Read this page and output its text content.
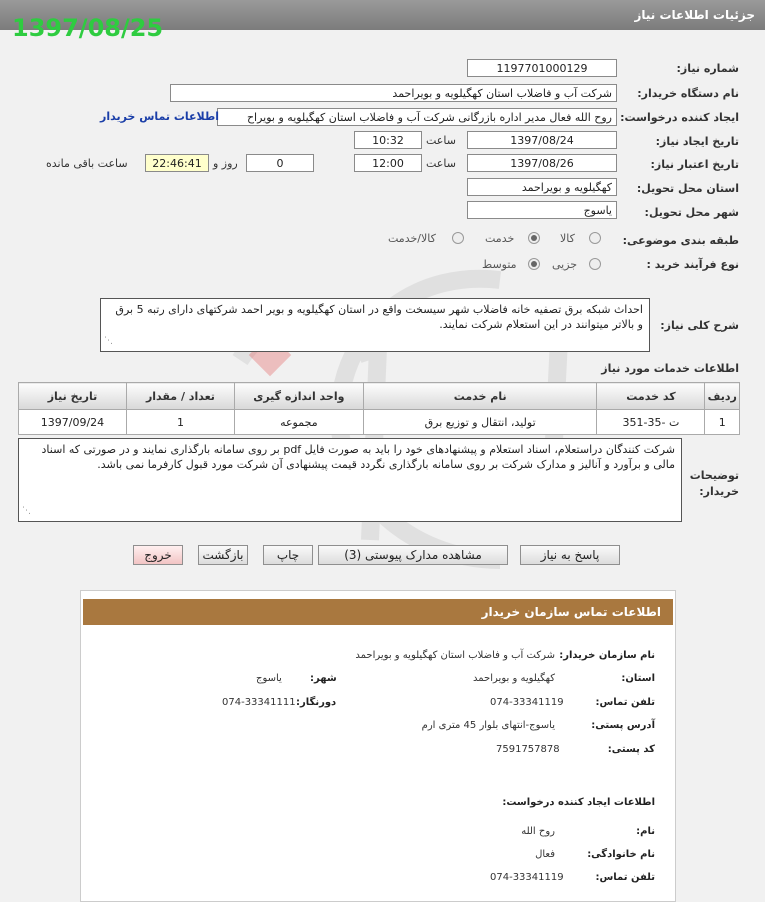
جزئیات اطلاعات نیاز
1397/08/25
شماره نیاز:
1197701000129
نام دستگاه خریدار:
شرکت آب و فاضلاب استان کهگیلویه و بویراحمد
ایجاد کننده درخواست:
روح الله فعال مدیر اداره بازرگانی شرکت آب و فاضلاب استان کهگیلویه و بویراح
اطلاعات تماس خریدار
تاریخ ایجاد نیاز:
1397/08/24
ساعت
10:32
تاریخ اعتبار نیاز:
1397/08/26
ساعت
12:00
0
روز و
22:46:41
ساعت باقی مانده
استان محل تحویل:
کهگیلویه و بویراحمد
شهر محل تحویل:
یاسوج
طبقه بندی موضوعی:
کالا
خدمت
کالا/خدمت
نوع فرآیند خرید :
جزیی
متوسط
شرح کلی نیاز:
احداث شبکه برق تصفیه خانه فاضلاب شهر سیسخت واقع در استان کهگیلویه و بویر احمد شرکتهای دارای رتبه 5 برق و بالاتر میتوانند در این استعلام شرکت نمایند.
⋰
اطلاعات خدمات مورد نیاز
ردیف	کد خدمت	نام خدمت	واحد اندازه گیری	تعداد / مقدار	تاریخ نیاز
1	ت -35-351	تولید، انتقال و توزیع برق	مجموعه	1	1397/09/24
توضیحات خریدار:
شرکت کنندگان دراستعلام، اسناد استعلام و پیشنهادهای خود را باید به صورت فایل pdf بر روی سامانه بارگذاری نمایند و در صورتی که اسناد مالی و برآورد و آنالیز و مدارک شرکت بر روی سامانه بارگذاری نگردد قیمت پیشنهادی آن شرکت مورد قبول کارفرما نمی باشد.
⋰
پاسخ به نیاز
مشاهده مدارک پیوستی (3)
چاپ
بازگشت
خروج
اطلاعات تماس سازمان خریدار
نام سازمان خریدار:
شرکت آب و فاضلاب استان کهگیلویه و بویراحمد
استان:
کهگیلویه و بویراحمد
شهر:
یاسوج
تلفن تماس:
074-33341119
دورنگار:
074-33341111
آدرس پستی:
یاسوج-انتهای بلوار 45 متری ارم
کد پستی:
7591757878
اطلاعات ایجاد کننده درخواست:
نام:
روح الله
نام خانوادگی:
فعال
تلفن تماس:
074-33341119
